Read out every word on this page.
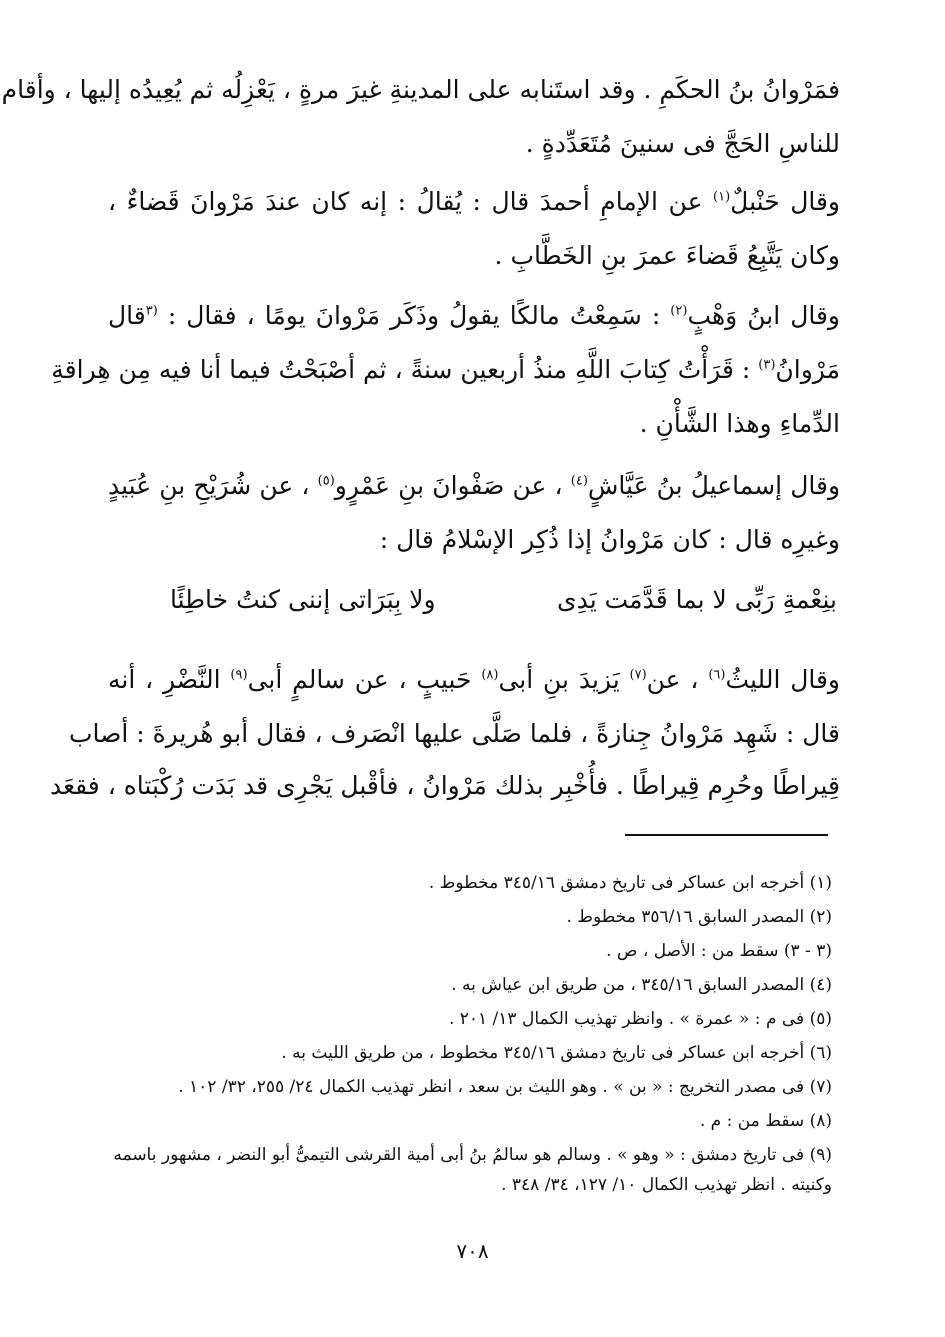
فمَرْوانُ بنُ الحكَمِ . وقد استَنابه على المدينةِ غيرَ مرةٍ ، يَعْزِلُه ثم يُعِيدُه إليها ، وأقام
للناسِ الحَجَّ فى سنينَ مُتَعَدِّدةٍ .
وقال حَنْبلٌ$^{(١)}$ عن الإمامِ أحمدَ قال : يُقالُ : إنه كان عندَ مَرْوانَ قَضاءٌ ،
وكان يَتَّبِعُ قَضاءَ عمرَ بنِ الخَطَّابِ .
وقال ابنُ وَهْبٍ$^{(٢)}$ : سَمِعْتُ مالكًا يقولُ وذَكَر مَرْوانَ يومًا ، فقال : $^{(٣}$قال
مَرْوانُ$^{(٣)}$ : قَرَأْتُ كِتابَ اللَّهِ منذُ أربعين سنةً ، ثم أصْبَحْتُ فيما أنا فيه مِن هِراقةِ
الدِّماءِ وهذا الشَّأْنِ .
وقال إسماعيلُ بنُ عَيَّاشٍ$^{(٤)}$ ، عن صَفْوانَ بنِ عَمْرٍو$^{(٥)}$ ، عن شُرَيْحِ بنِ عُبَيدٍ
وغيرِه قال : كان مَرْوانُ إذا ذُكِر الإسْلامُ قال :
وقال الليثُ$^{(٦)}$ ، عن$^{(٧)}$ يَزيدَ بنِ أبى$^{(٨)}$ حَبيبٍ ، عن سالمٍ أبى$^{(٩)}$ النَّضْرِ ، أنه
قال : شَهِد مَرْوانُ جِنازةً ، فلما صَلَّى عليها انْصَرف ، فقال أبو هُريرةَ : أصاب
قِيراطًا وحُرِم قِيراطًا . فأُخْبِر بذلك مَرْوانُ ، فأقْبل يَجْرِى قد بَدَت رُكْبَتاه ، فقعَد
بنِعْمةِ رَبِّى لا بما قَدَّمَت يَدِى
ولا بِبَرَاتى إننى كنتُ خاطِئًا
(١) أخرجه ابن عساكر فى تاريخ دمشق ٣٤٥/١٦ مخطوط .
(٢) المصدر السابق ٣٥٦/١٦ مخطوط .
(٣ - ٣) سقط من : الأصل ، ص .
(٤) المصدر السابق ٣٤٥/١٦ ، من طريق ابن عياش به .
(٥) فى م : « عمرة » . وانظر تهذيب الكمال ١٣/ ٢٠١ .
(٦) أخرجه ابن عساكر فى تاريخ دمشق ٣٤٥/١٦ مخطوط ، من طريق الليث به .
(٧) فى مصدر التخريج : « بن » . وهو الليث بن سعد ، انظر تهذيب الكمال ٢٤/ ٢٥٥، ٣٢/ ١٠٢ .
(٨) سقط من : م .
(٩) فى تاريخ دمشق : « وهو » . وسالم هو سالمُ بنُ أبى أمية القرشى التيمىُّ أبو النضر ، مشهور باسمه
وكنيته . انظر تهذيب الكمال ١٠/ ١٢٧، ٣٤/ ٣٤٨ .
٧٠٨
